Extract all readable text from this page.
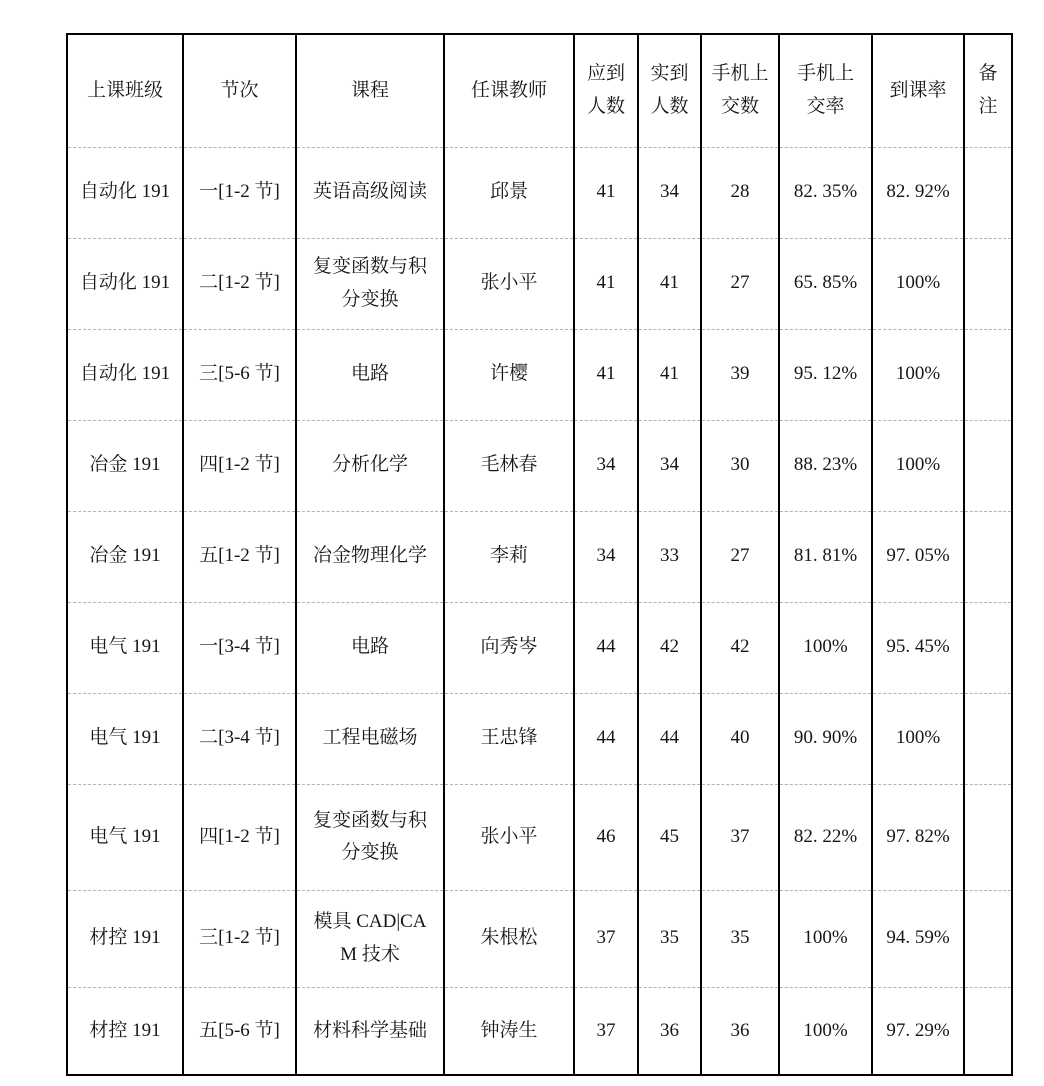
上课班级	节次	课程	任课教师	应到人数	实到人数	手机上交数	手机上交率	到课率	备注
自动化 191	一[1-2 节]	英语高级阅读	邱景	41	34	28	82. 35%	82. 92%	
自动化 191	二[1-2 节]	复变函数与积分变换	张小平	41	41	27	65. 85%	100%	
自动化 191	三[5-6 节]	电路	许樱	41	41	39	95. 12%	100%	
冶金 191	四[1-2 节]	分析化学	毛林春	34	34	30	88. 23%	100%	
冶金 191	五[1-2 节]	冶金物理化学	李莉	34	33	27	81. 81%	97. 05%	
电气 191	一[3-4 节]	电路	向秀岑	44	42	42	100%	95. 45%	
电气 191	二[3-4 节]	工程电磁场	王忠锋	44	44	40	90. 90%	100%	
电气 191	四[1-2 节]	复变函数与积分变换	张小平	46	45	37	82. 22%	97. 82%	
材控 191	三[1-2 节]	模具 CAD|CAM 技术	朱根松	37	35	35	100%	94. 59%	
材控 191	五[5-6 节]	材料科学基础	钟涛生	37	36	36	100%	97. 29%	
